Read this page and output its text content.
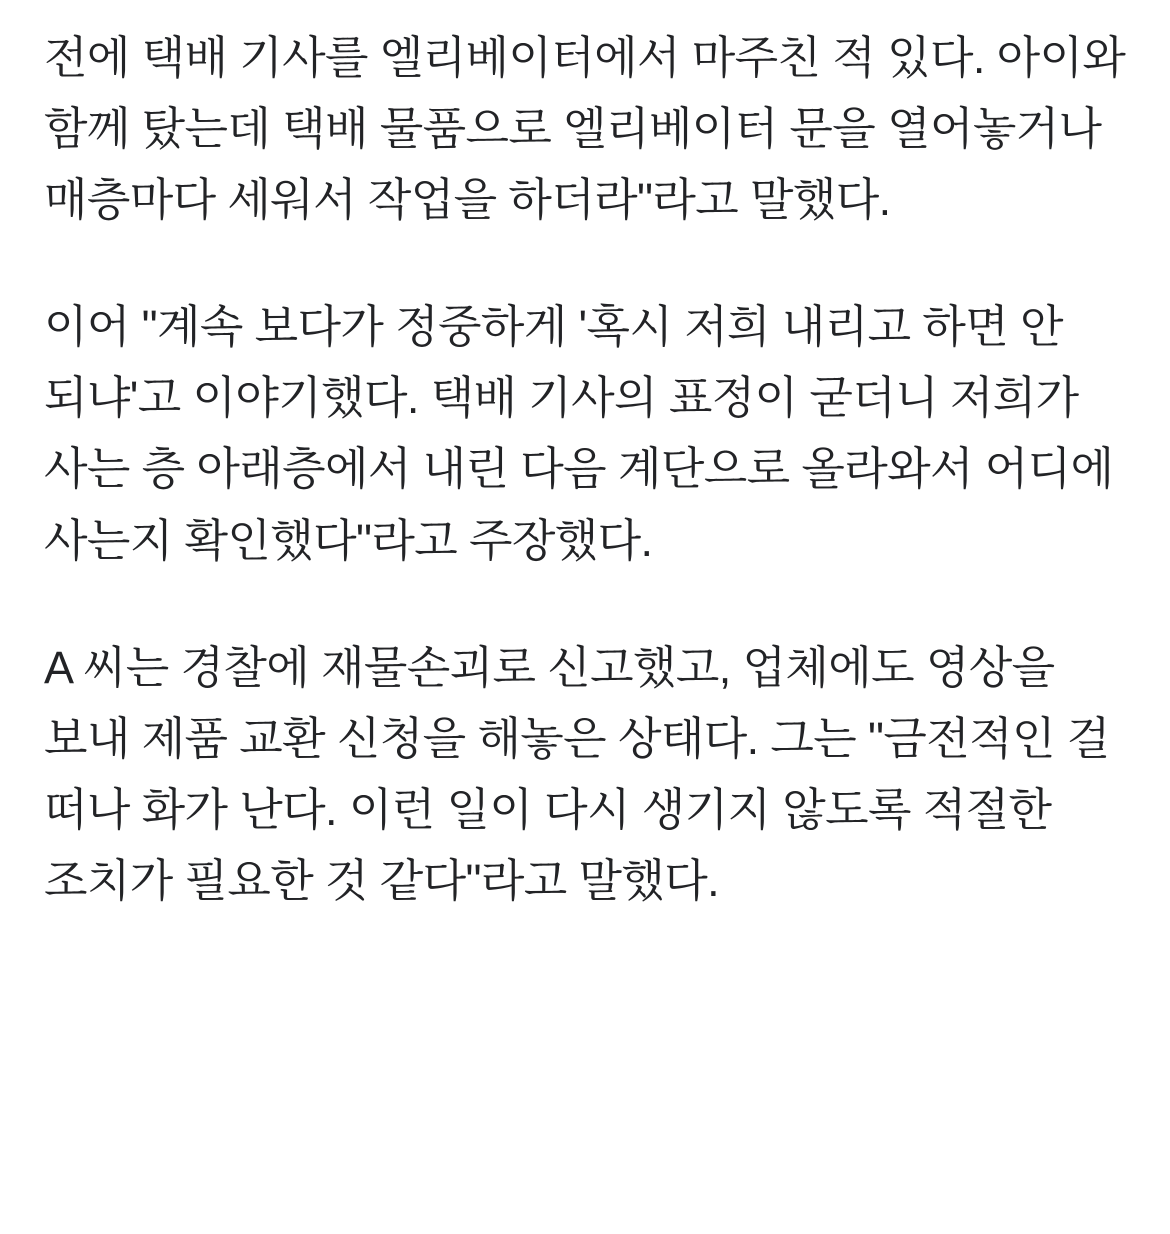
전에 택배 기사를 엘리베이터에서 마주친 적 있다. 아이와 함께 탔는데 택배 물품으로 엘리베이터 문을 열어놓거나 매층마다 세워서 작업을 하더라"라고 말했다.

이어 "계속 보다가 정중하게 '혹시 저희 내리고 하면 안 되냐'고 이야기했다. 택배 기사의 표정이 굳더니 저희가 사는 층 아래층에서 내린 다음 계단으로 올라와서 어디에 사는지 확인했다"라고 주장했다.

A 씨는 경찰에 재물손괴로 신고했고, 업체에도 영상을 보내 제품 교환 신청을 해놓은 상태다. 그는 "금전적인 걸 떠나 화가 난다. 이런 일이 다시 생기지 않도록 적절한 조치가 필요한 것 같다"라고 말했다.
